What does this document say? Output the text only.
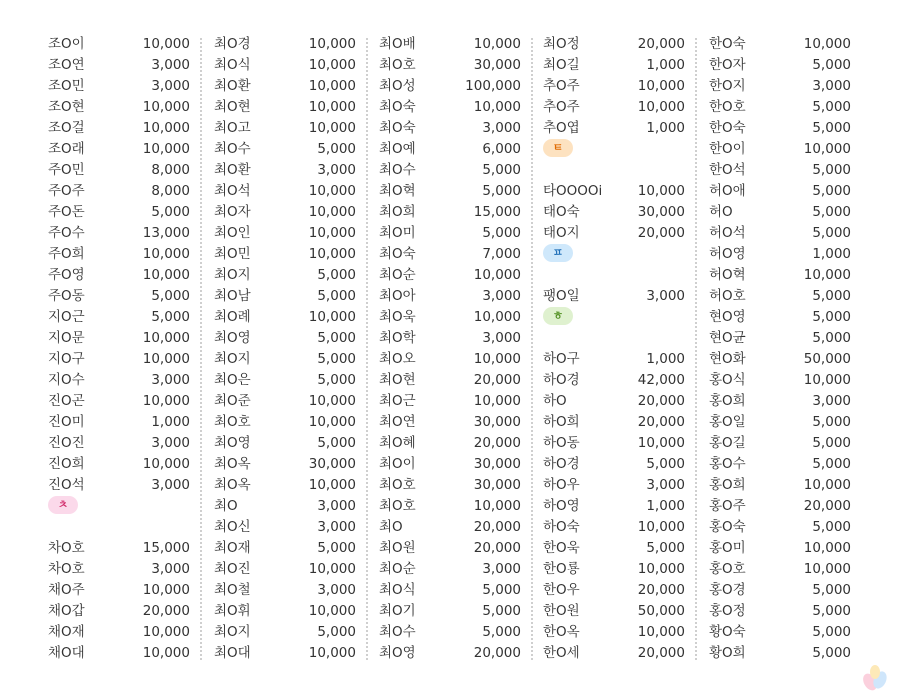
조O이	10,000
조O연	3,000
조O민	3,000
조O현	10,000
조O걸	10,000
조O래	10,000
주O민	8,000
주O주	8,000
주O돈	5,000
주O수	13,000
주O희	10,000
주O영	10,000
주O동	5,000
지O근	5,000
지O문	10,000
지O구	10,000
지O수	3,000
진O곤	10,000
진O미	1,000
진O진	3,000
진O희	10,000
진O석	3,000
ㅊ
차O호	15,000
차O호	3,000
채O주	10,000
채O갑	20,000
채O재	10,000
채O대	10,000
최O경	10,000
최O식	10,000
최O환	10,000
최O현	10,000
최O고	10,000
최O수	5,000
최O환	3,000
최O석	10,000
최O자	10,000
최O인	10,000
최O민	10,000
최O지	5,000
최O남	5,000
최O례	10,000
최O영	5,000
최O지	5,000
최O은	5,000
최O준	10,000
최O호	10,000
최O영	5,000
최O옥	30,000
최O옥	10,000
최O	3,000
최O신	3,000
최O재	5,000
최O진	10,000
최O철	3,000
최O휘	10,000
최O지	5,000
최O대	10,000
최O배	10,000
최O호	30,000
최O성	100,000
최O숙	10,000
최O숙	3,000
최O예	6,000
최O수	5,000
최O혁	5,000
최O희	15,000
최O미	5,000
최O숙	7,000
최O순	10,000
최O아	3,000
최O욱	10,000
최O학	3,000
최O오	10,000
최O현	20,000
최O근	10,000
최O연	30,000
최O혜	20,000
최O이	30,000
최O호	30,000
최O호	10,000
최O	20,000
최O원	20,000
최O순	3,000
최O식	5,000
최O기	5,000
최O수	5,000
최O영	20,000
최O정	20,000
최O길	1,000
추O주	10,000
추O주	10,000
추O엽	1,000
ㅌ
타OOOOi	10,000
태O숙	30,000
태O지	20,000
ㅍ
팽O일	3,000
ㅎ
하O구	1,000
하O경	42,000
하O	20,000
하O희	20,000
하O동	10,000
하O경	5,000
하O우	3,000
하O영	1,000
하O숙	10,000
한O욱	5,000
한O룡	10,000
한O우	20,000
한O원	50,000
한O옥	10,000
한O세	20,000
한O숙	10,000
한O자	5,000
한O지	3,000
한O호	5,000
한O숙	5,000
한O이	10,000
한O석	5,000
허O애	5,000
허O	5,000
허O석	5,000
허O영	1,000
허O혁	10,000
허O호	5,000
현O영	5,000
현O균	5,000
현O화	50,000
홍O식	10,000
홍O희	3,000
홍O일	5,000
홍O길	5,000
홍O수	5,000
홍O희	10,000
홍O주	20,000
홍O숙	5,000
홍O미	10,000
홍O호	10,000
홍O경	5,000
홍O정	5,000
황O숙	5,000
황O희	5,000
